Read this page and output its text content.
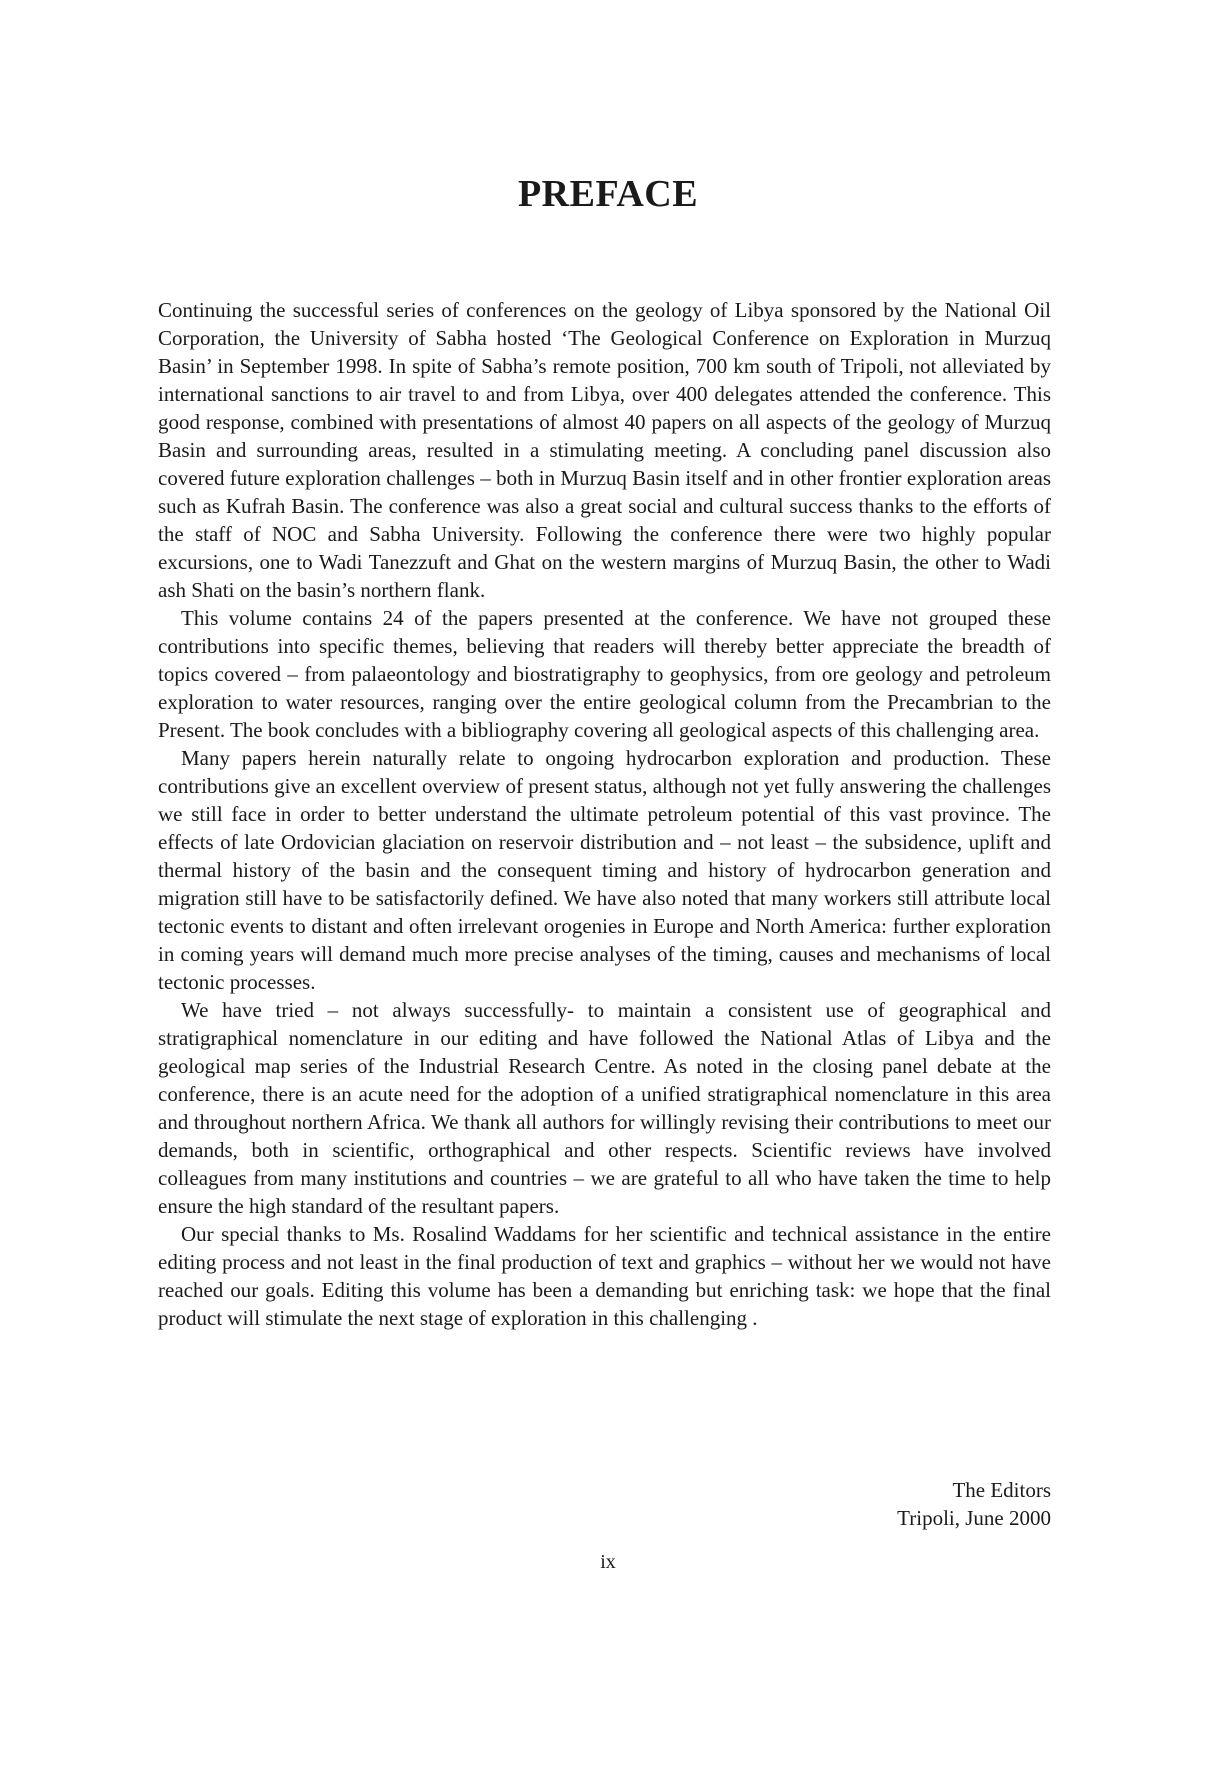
PREFACE

Continuing the successful series of conferences on the geology of Libya sponsored by the National Oil Corporation, the University of Sabha hosted ‘The Geological Conference on Exploration in Murzuq Basin’ in September 1998. In spite of Sabha’s remote position, 700 km south of Tripoli, not alleviated by international sanctions to air travel to and from Libya, over 400 delegates attended the conference. This good response, combined with presentations of almost 40 papers on all aspects of the geology of Murzuq Basin and surrounding areas, resulted in a stimulating meeting. A concluding panel discussion also covered future exploration challenges – both in Murzuq Basin itself and in other frontier exploration areas such as Kufrah Basin. The conference was also a great social and cultural success thanks to the efforts of the staff of NOC and Sabha University. Following the conference there were two highly popular excursions, one to Wadi Tanezzuft and Ghat on the western margins of Murzuq Basin, the other to Wadi ash Shati on the basin’s northern flank.

This volume contains 24 of the papers presented at the conference. We have not grouped these contributions into specific themes, believing that readers will thereby better appreciate the breadth of topics covered – from palaeontology and biostratigraphy to geophysics, from ore geology and petroleum exploration to water resources, ranging over the entire geological column from the Precambrian to the Present. The book concludes with a bibliography covering all geological aspects of this challenging area.

Many papers herein naturally relate to ongoing hydrocarbon exploration and production. These contributions give an excellent overview of present status, although not yet fully answering the challenges we still face in order to better understand the ultimate petroleum potential of this vast province. The effects of late Ordovician glaciation on reservoir distribution and – not least – the subsidence, uplift and thermal history of the basin and the consequent timing and history of hydrocarbon generation and migration still have to be satisfactorily defined. We have also noted that many workers still attribute local tectonic events to distant and often irrelevant orogenies in Europe and North America: further exploration in coming years will demand much more precise analyses of the timing, causes and mechanisms of local tectonic processes.

We have tried – not always successfully- to maintain a consistent use of geographical and stratigraphical nomenclature in our editing and have followed the National Atlas of Libya and the geological map series of the Industrial Research Centre. As noted in the closing panel debate at the conference, there is an acute need for the adoption of a unified stratigraphical nomenclature in this area and throughout northern Africa. We thank all authors for willingly revising their contributions to meet our demands, both in scientific, orthographical and other respects. Scientific reviews have involved colleagues from many institutions and countries – we are grateful to all who have taken the time to help ensure the high standard of the resultant papers.

Our special thanks to Ms. Rosalind Waddams for her scientific and technical assistance in the entire editing process and not least in the final production of text and graphics – without her we would not have reached our goals. Editing this volume has been a demanding but enriching task: we hope that the final product will stimulate the next stage of exploration in this challenging .

The Editors
Tripoli, June 2000
ix
